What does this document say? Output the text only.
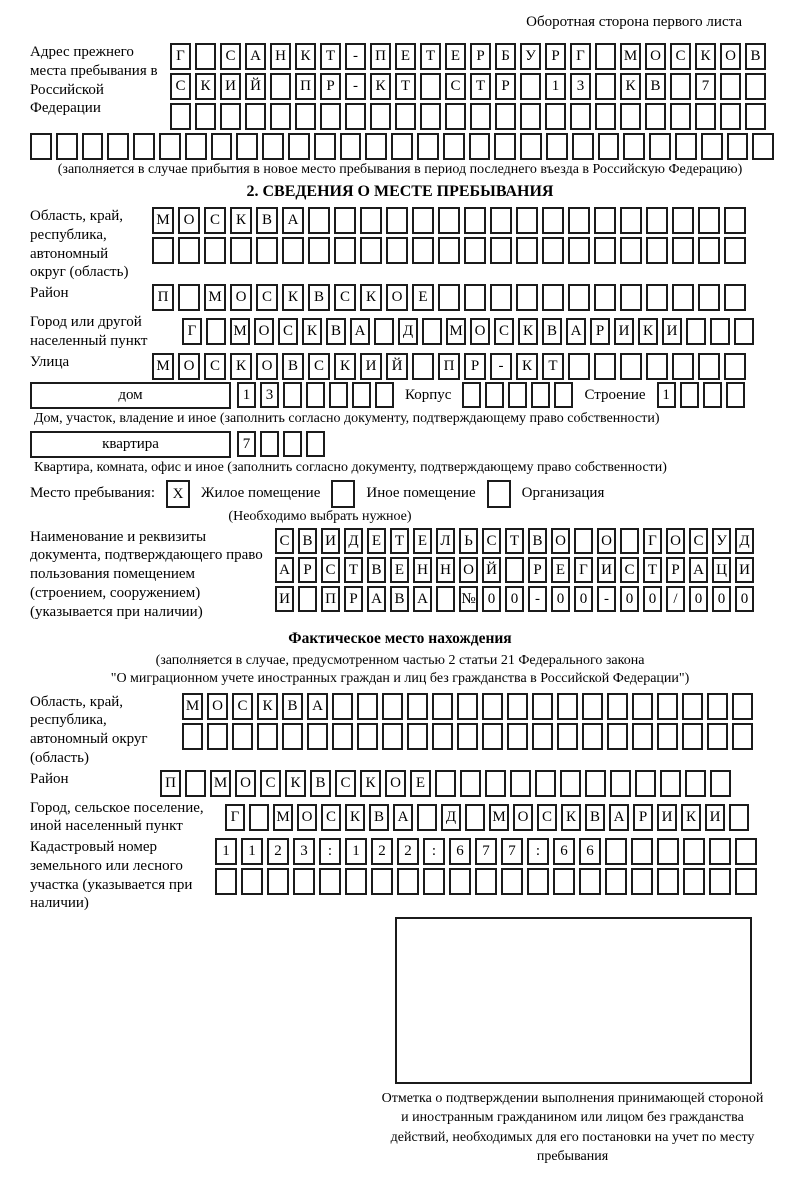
Оборотная сторона первого листа
Адрес прежнего места пребывания в Российской Федерации
Г	С А Н К	Т	-	П Е	Т	Е	Р	Б	У	Р	Г	М О С К О В
С К И Й	П	Р	-	К	Т	С	Т	Р	1	3	К В	7
(заполняется в случае прибытия в новое место пребывания в период последнего въезда в Российскую Федерацию)
2. СВЕДЕНИЯ О МЕСТЕ ПРЕБЫВАНИЯ
Область, край, республика, автономный округ (область)
М О	С	К	В	А
Район	П	М О	С	К	В	С	К	О	Е
Город или другой населенный пункт
Г	М О С К В А	Д	М О С К В А Р И К И
Улица	М О	С	К	О	В	С	К	И	Й	П	Р	-	К	Т
дом	1	3	Корпус	Строение	1
Дом, участок, владение и иное (заполнить согласно документу, подтверждающему право собственности)
квартира	7
Квартира, комната, офис и иное (заполнить согласно документу, подтверждающему право собственности)
Место пребывания:	X	Жилое помещение	Иное помещение	Организация
(Необходимо выбрать нужное)
Наименование и реквизиты документа, подтверждающего право пользования помещением (строением, сооружением) (указывается при наличии)
С В И Д Е Т Е Л Ь С Т В О О	Г О С У Д
А Р С Т В Е Н Н О Й	Р Е Г И С Т Р А Ц И
И П Р А В А № 0	0	-	0	0	-	0	0	/	0	0	0
Фактическое место нахождения
(заполняется в случае, предусмотренном частью 2 статьи 21 Федерального закона
"О миграционном учете иностранных граждан и лиц без гражданства в Российской Федерации")
Область, край, республика, автономный округ (область)
М О С К В А
Район	П	М О С К В С К О Е
Город, сельское поселение, иной населенный пункт
Г	М О С К В А	Д	М О С К В А Р И К И
Кадастровый номер земельного или лесного участка (указывается при наличии)
1	1	2	3	:	1	2	2	:	6	7	7	:	6	6
Отметка о подтверждении выполнения принимающей стороной и иностранным гражданином или лицом без гражданства действий, необходимых для его постановки на учет по месту пребывания
